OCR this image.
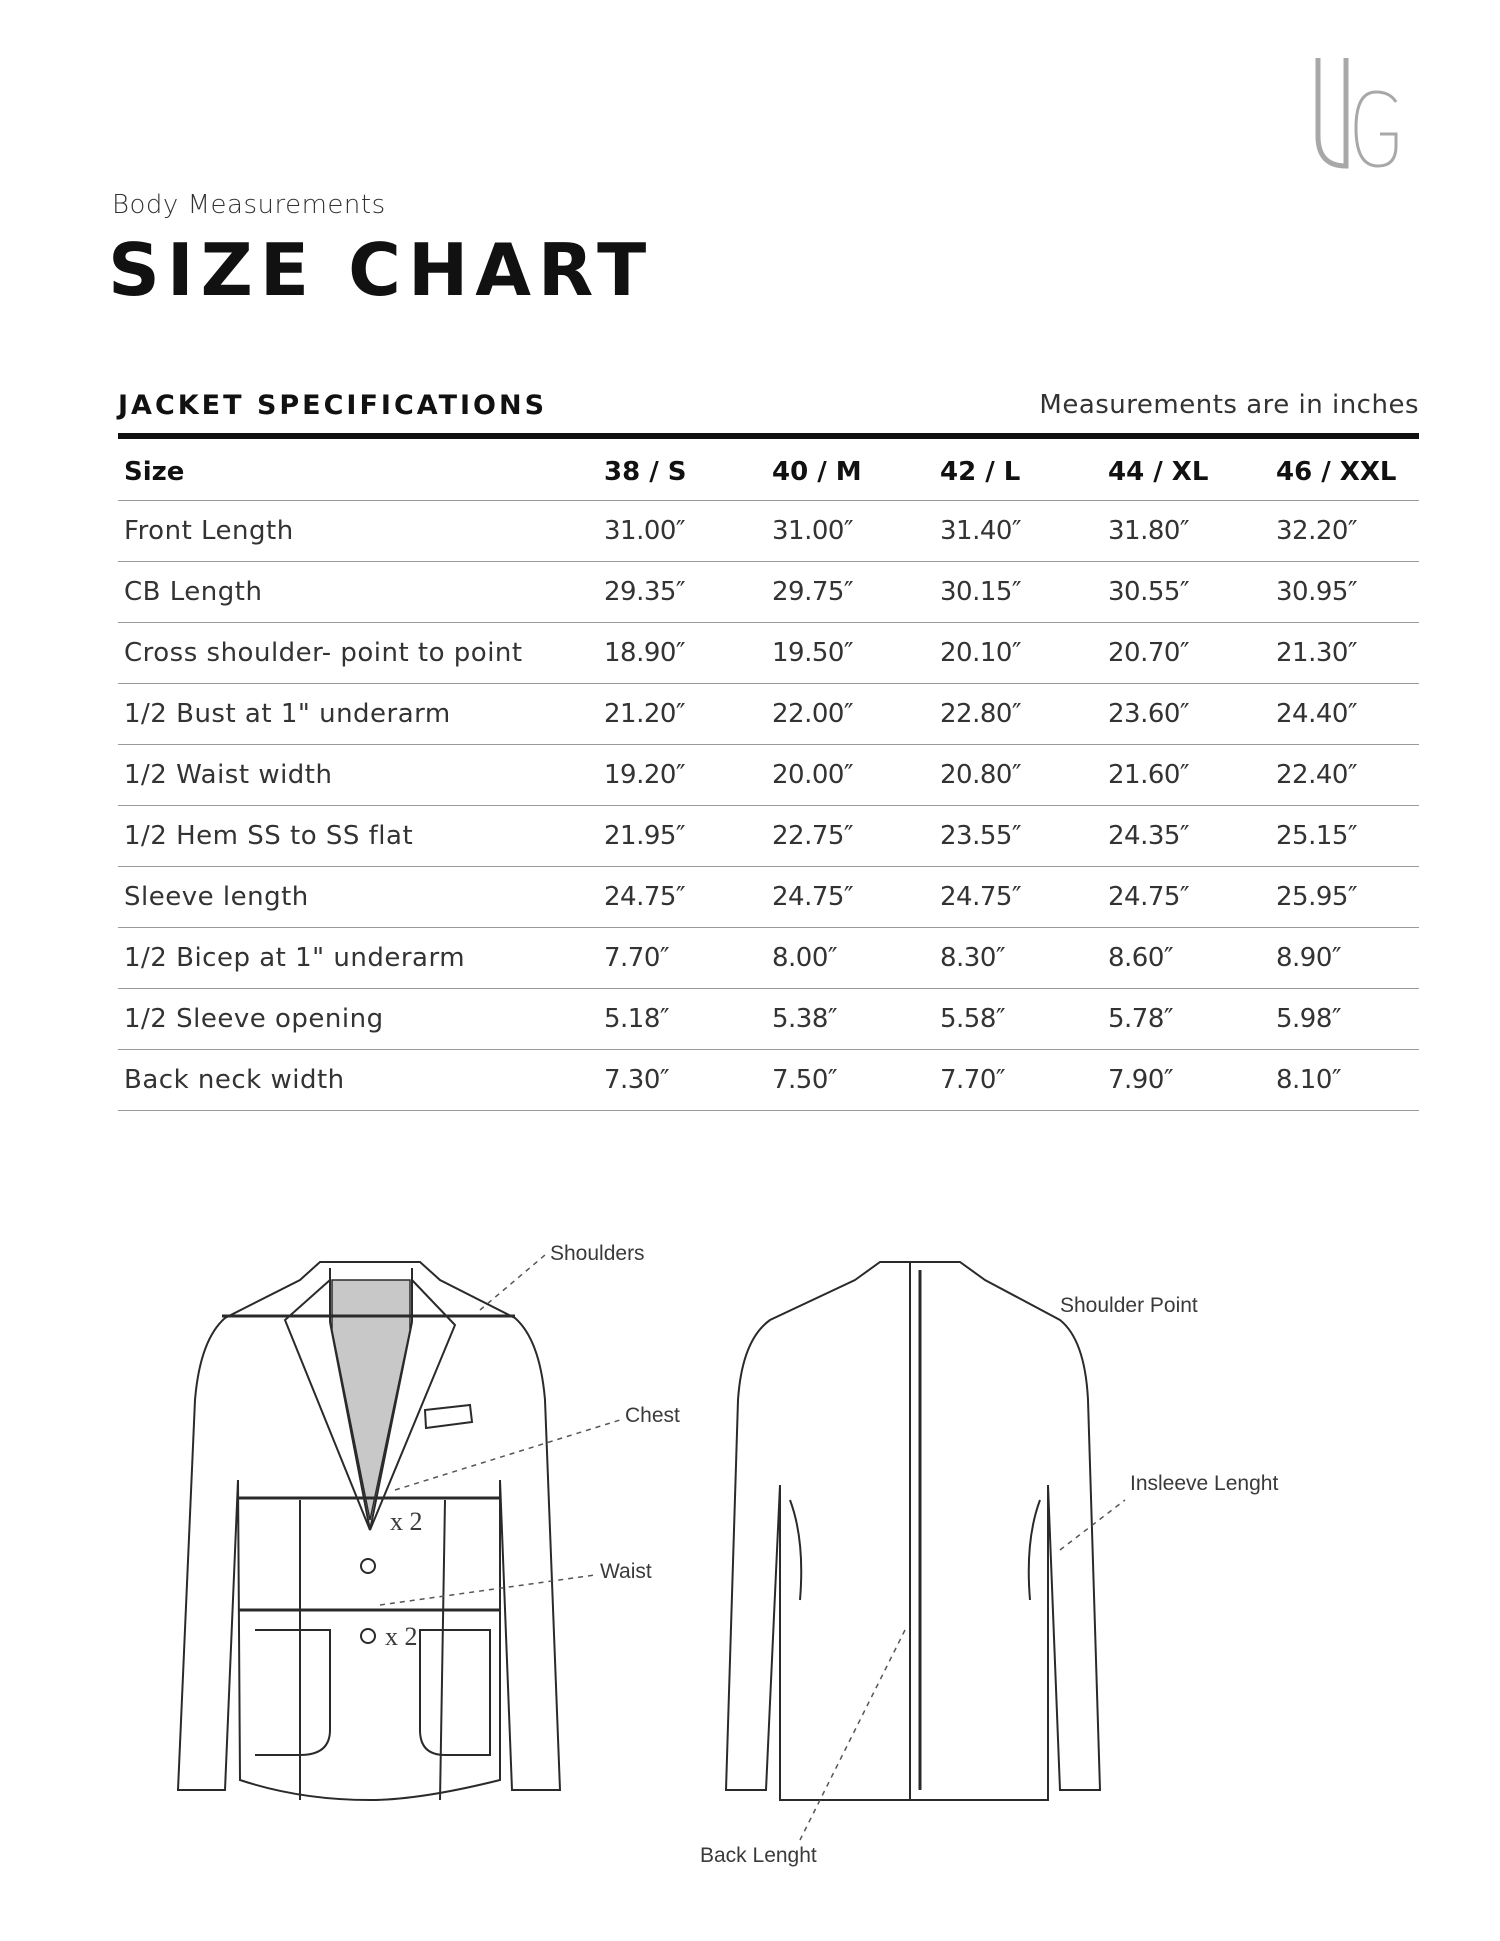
Body Measurements
SIZE CHART
JACKET SPECIFICATIONS	Measurements are in inches
Size	38 / S	40 / M	42 / L	44 / XL	46 / XXL
Front Length	31.00″	31.00″	31.40″	31.80″	32.20″
CB Length	29.35″	29.75″	30.15″	30.55″	30.95″
Cross shoulder- point to point	18.90″	19.50″	20.10″	20.70″	21.30″
1/2 Bust at 1" underarm	21.20″	22.00″	22.80″	23.60″	24.40″
1/2 Waist width	19.20″	20.00″	20.80″	21.60″	22.40″
1/2 Hem SS to SS flat	21.95″	22.75″	23.55″	24.35″	25.15″
Sleeve length	24.75″	24.75″	24.75″	24.75″	25.95″
1/2 Bicep at 1" underarm	7.70″	8.00″	8.30″	8.60″	8.90″
1/2 Sleeve opening	5.18″	5.38″	5.58″	5.78″	5.98″
Back neck width	7.30″	7.50″	7.70″	7.90″	8.10″
Shoulders
Chest
Waist
x 2
x 2
Shoulder Point
Insleeve Lenght
Back Lenght
